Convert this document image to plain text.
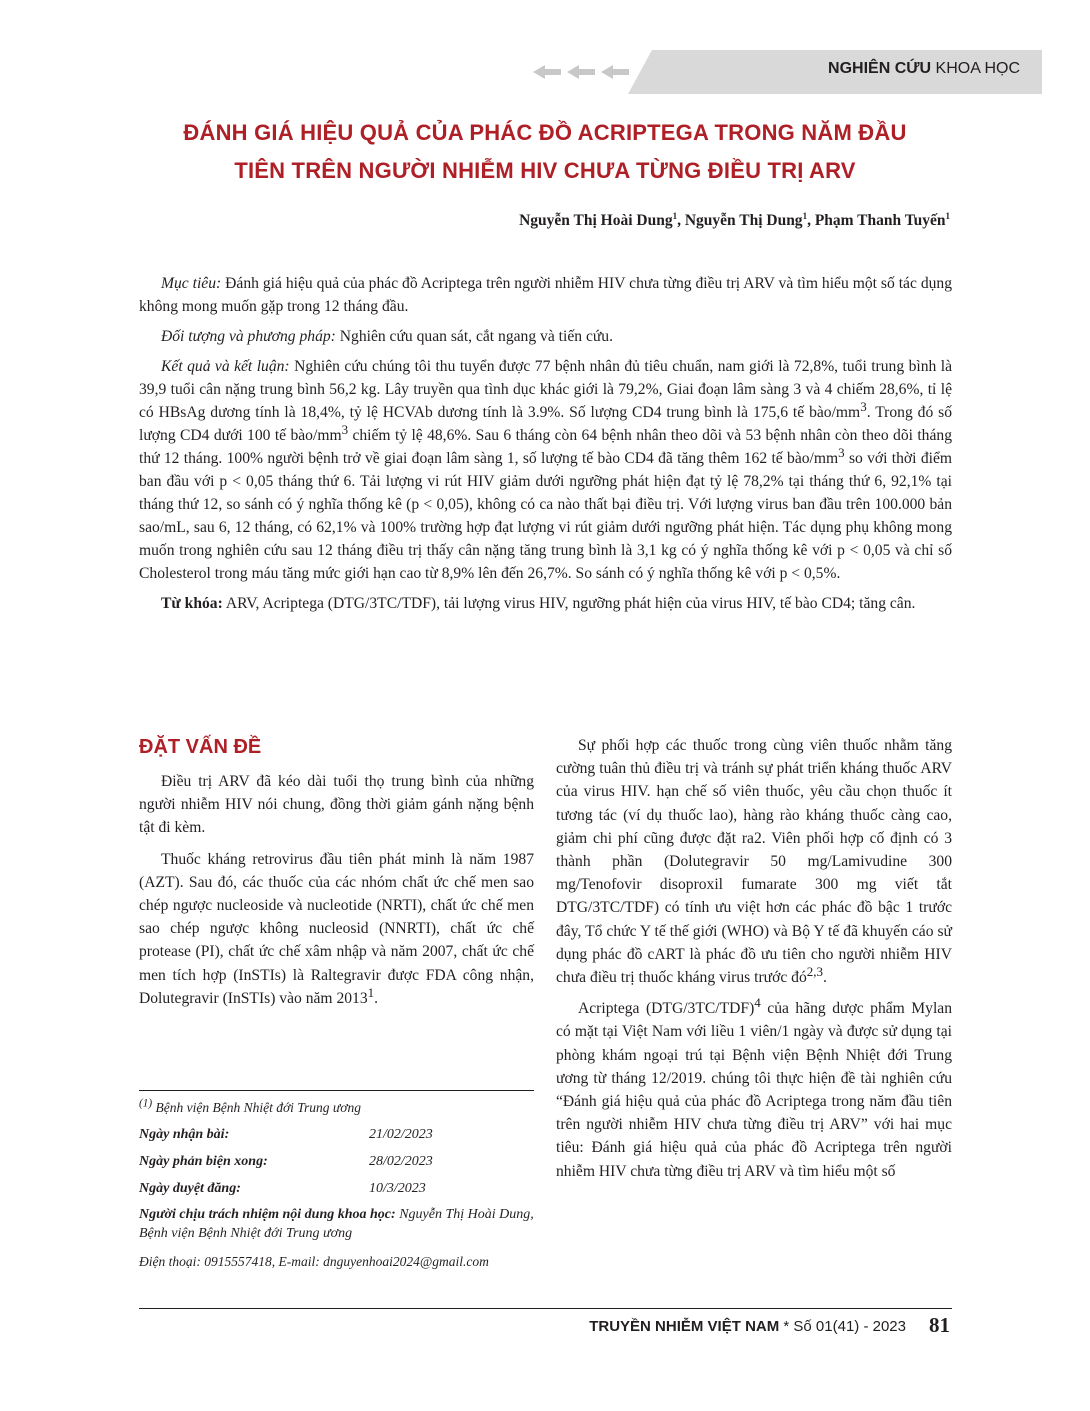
NGHIÊN CỨU KHOA HỌC
ĐÁNH GIÁ HIỆU QUẢ CỦA PHÁC ĐỒ ACRIPTEGA TRONG NĂM ĐẦU
TIÊN TRÊN NGƯỜI NHIỄM HIV CHƯA TỪNG ĐIỀU TRỊ ARV
Nguyễn Thị Hoài Dung$^1$, Nguyễn Thị Dung$^1$, Phạm Thanh Tuyến$^1$

Mục tiêu: Đánh giá hiệu quả của phác đồ Acriptega trên người nhiễm HIV chưa từng điều trị ARV và tìm hiểu một số tác dụng không mong muốn gặp trong 12 tháng đầu.

Đối tượng và phương pháp: Nghiên cứu quan sát, cắt ngang và tiến cứu.

Kết quả và kết luận: Nghiên cứu chúng tôi thu tuyển được 77 bệnh nhân đủ tiêu chuẩn, nam giới là 72,8%, tuổi trung bình là 39,9 tuổi cân nặng trung bình 56,2 kg. Lây truyền qua tình dục khác giới là 79,2%, Giai đoạn lâm sàng 3 và 4 chiếm 28,6%, tỉ lệ có HBsAg dương tính là 18,4%, tỷ lệ HCVAb dương tính là 3.9%. Số lượng CD4 trung bình là 175,6 tế bào/$mm^3$. Trong đó số lượng CD4 dưới 100 tế bào/$mm^3$ chiếm tỷ lệ 48,6%. Sau 6 tháng còn 64 bệnh nhân theo dõi và 53 bệnh nhân còn theo dõi tháng thứ 12 tháng. 100% người bệnh trở về giai đoạn lâm sàng 1, số lượng tế bào CD4 đã tăng thêm 162 tế bào/$mm^3$ so với thời điểm ban đầu với p < 0,05 tháng thứ 6. Tải lượng vi rút HIV giảm dưới ngưỡng phát hiện đạt tỷ lệ 78,2% tại tháng thứ 6, 92,1% tại tháng thứ 12, so sánh có ý nghĩa thống kê (p < 0,05), không có ca nào thất bại điều trị. Với lượng virus ban đầu trên 100.000 bản sao/mL, sau 6, 12 tháng, có 62,1% và 100% trường hợp đạt lượng vi rút giảm dưới ngưỡng phát hiện. Tác dụng phụ không mong muốn trong nghiên cứu sau 12 tháng điều trị thấy cân nặng tăng trung bình là 3,1 kg có ý nghĩa thống kê với p < 0,05 và chỉ số Cholesterol trong máu tăng mức giới hạn cao từ 8,9% lên đến 26,7%. So sánh có ý nghĩa thống kê với p < 0,5%.

Từ khóa: ARV, Acriptega (DTG/3TC/TDF), tải lượng virus HIV, ngưỡng phát hiện của virus HIV, tế bào CD4; tăng cân.

ĐẶT VẤN ĐỀ

Điều trị ARV đã kéo dài tuổi thọ trung bình của những người nhiễm HIV nói chung, đồng thời giảm gánh nặng bệnh tật đi kèm.

Thuốc kháng retrovirus đầu tiên phát minh là năm 1987 (AZT). Sau đó, các thuốc của các nhóm chất ức chế men sao chép ngược nucleoside và nucleotide (NRTI), chất ức chế men sao chép ngược không nucleosid (NNRTI), chất ức chế protease (PI), chất ức chế xâm nhập và năm 2007, chất ức chế men tích hợp (InSTIs) là Raltegravir được FDA công nhận, Dolutegravir (InSTIs) vào năm 2013$^1$.

Sự phối hợp các thuốc trong cùng viên thuốc nhằm tăng cường tuân thủ điều trị và tránh sự phát triển kháng thuốc ARV của virus HIV. hạn chế số viên thuốc, yêu cầu chọn thuốc ít tương tác (ví dụ thuốc lao), hàng rào kháng thuốc càng cao, giảm chi phí cũng được đặt ra2. Viên phối hợp cố định có 3 thành phần (Dolutegravir 50 mg/Lamivudine 300 mg/Tenofovir disoproxil fumarate 300 mg viết tắt DTG/3TC/TDF) có tính ưu việt hơn các phác đồ bậc 1 trước đây, Tổ chức Y tế thế giới (WHO) và Bộ Y tế đã khuyến cáo sử dụng phác đồ cART là phác đồ ưu tiên cho người nhiễm HIV chưa điều trị thuốc kháng virus trước đó$^{2,3}$.

Acriptega $(DTG/3TC/TDF)^4$ của hãng dược phẩm Mylan có mặt tại Việt Nam với liều 1 viên/1 ngày và được sử dụng tại phòng khám ngoại trú tại Bệnh viện Bệnh Nhiệt đới Trung ương từ tháng 12/2019. chúng tôi thực hiện đề tài nghiên cứu “Đánh giá hiệu quả của phác đồ Acriptega trong năm đầu tiên trên người nhiễm HIV chưa từng điều trị ARV” với hai mục tiêu: Đánh giá hiệu quả của phác đồ Acriptega trên người nhiễm HIV chưa từng điều trị ARV và tìm hiểu một số

$^{(1)}$ Bệnh viện Bệnh Nhiệt đới Trung ương
Ngày nhận bài:	21/02/2023
Ngày phản biện xong:	28/02/2023
Ngày duyệt đăng:	10/3/2023
Người chịu trách nhiệm nội dung khoa học: Nguyễn Thị Hoài Dung, Bệnh viện Bệnh Nhiệt đới Trung ương
Điện thoại: 0915557418, E-mail: dnguyenhoai2024@gmail.com
TRUYỀN NHIỄM VIỆT NAM * Số 01(41) - 2023 81
